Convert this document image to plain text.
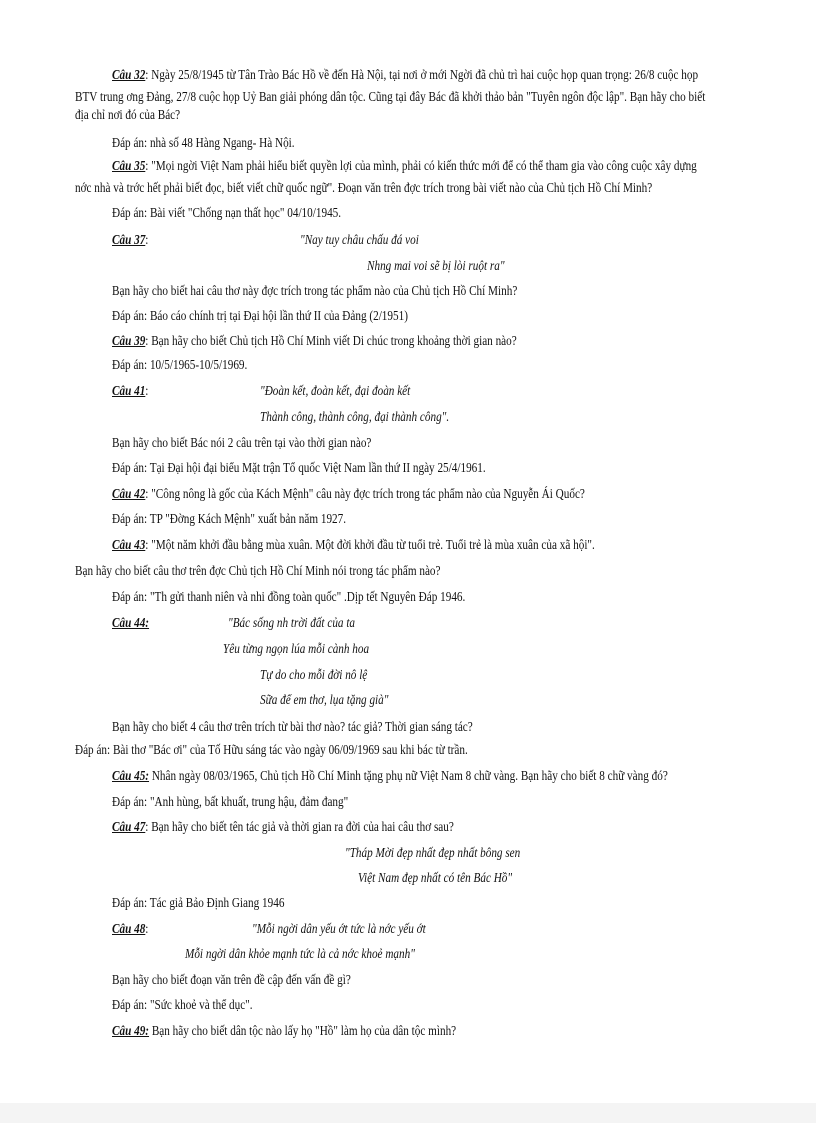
Câu 32: Ngày 25/8/1945 từ Tân Trào Bác Hồ về đến Hà Nội, tại nơi ở mới Ngời đã chủ trì hai cuộc họp quan trọng: 26/8 cuộc họp
BTV trung ơng Đảng, 27/8 cuộc họp Uỷ Ban giải phóng dân tộc. Cũng tại đây Bác đã khởi thảo bản "Tuyên ngôn độc lập". Bạn hãy cho biết
địa chỉ nơi đó của Bác?
Đáp án: nhà số 48 Hàng Ngang- Hà Nội.
Câu 35: "Mọi ngời Việt Nam phải hiểu biết quyền lợi của mình, phải có kiến thức mới để có thể tham gia vào công cuộc xây dựng
nớc nhà và trớc hết phải biết đọc, biết viết chữ quốc ngữ". Đoạn văn trên đợc trích trong bài viết nào của Chủ tịch Hồ Chí Minh?
Đáp án: Bài viết "Chống nạn thất học" 04/10/1945.
Câu 37:	"Nay tuy châu chấu đá voi
Nhng mai voi sẽ bị lòi ruột ra"
Bạn hãy cho biết hai câu thơ này đợc trích trong tác phẩm nào của Chủ tịch Hồ Chí Minh?
Đáp án: Báo cáo chính trị tại Đại hội lần thứ II của Đảng (2/1951)
Câu 39: Bạn hãy cho biết Chủ tịch Hồ Chí Minh viết Di chúc trong khoảng thời gian nào?
Đáp án: 10/5/1965-10/5/1969.
Câu 41:	"Đoàn kết, đoàn kết, đại đoàn kết
Thành công, thành công, đại thành công".
Bạn hãy cho biết Bác nói 2 câu trên tại vào thời gian nào?
Đáp án: Tại Đại hội đại biểu Mặt trận Tổ quốc Việt Nam lần thứ II ngày 25/4/1961.
Câu 42: "Công nông là gốc của Kách Mệnh" câu này đợc trích trong tác phẩm nào của Nguyễn Ái Quốc?
Đáp án: TP "Đờng Kách Mệnh" xuất bản năm 1927.
Câu 43: "Một năm khởi đầu bằng mùa xuân. Một đời khởi đầu từ tuổi trẻ. Tuổi trẻ là mùa xuân của xã hội".
Bạn hãy cho biết câu thơ trên đợc Chủ tịch Hồ Chí Minh nói trong tác phẩm nào?
Đáp án: "Th gửi thanh niên và nhi đồng toàn quốc" .Dịp tết Nguyên Đáp 1946.
Câu 44:	"Bác sống nh trời đất của ta
Yêu từng ngọn lúa mỗi cành hoa
Tự do cho mỗi đời nô lệ
Sữa để em thơ, lụa tặng già"
Bạn hãy cho biết 4 câu thơ trên trích từ bài thơ nào? tác giả? Thời gian sáng tác?
Đáp án: Bài thơ "Bác ơi" của Tố Hữu sáng tác vào ngày 06/09/1969 sau khi bác từ trần.
Câu 45: Nhân ngày 08/03/1965, Chủ tịch Hồ Chí Minh tặng phụ nữ Việt Nam 8 chữ vàng. Bạn hãy cho biết 8 chữ vàng đó?
Đáp án: "Anh hùng, bất khuất, trung hậu, đảm đang"
Câu 47: Bạn hãy cho biết tên tác giả và thời gian ra đời của hai câu thơ sau?
"Tháp Mời đẹp nhất đẹp nhất bông sen
Việt Nam đẹp nhất có tên Bác Hồ"
Đáp án: Tác giả Bảo Định Giang 1946
Câu 48:	"Mỗi ngời dân yếu ớt tức là nớc yếu ớt
Mỗi ngời dân khỏe mạnh tức là cả nớc khoẻ mạnh"
Bạn hãy cho biết đoạn văn trên đề cập đến vấn đề gì?
Đáp án: "Sức khoẻ và thể dục".
Câu 49: Bạn hãy cho biết dân tộc nào lấy họ "Hồ" làm họ của dân tộc mình?
